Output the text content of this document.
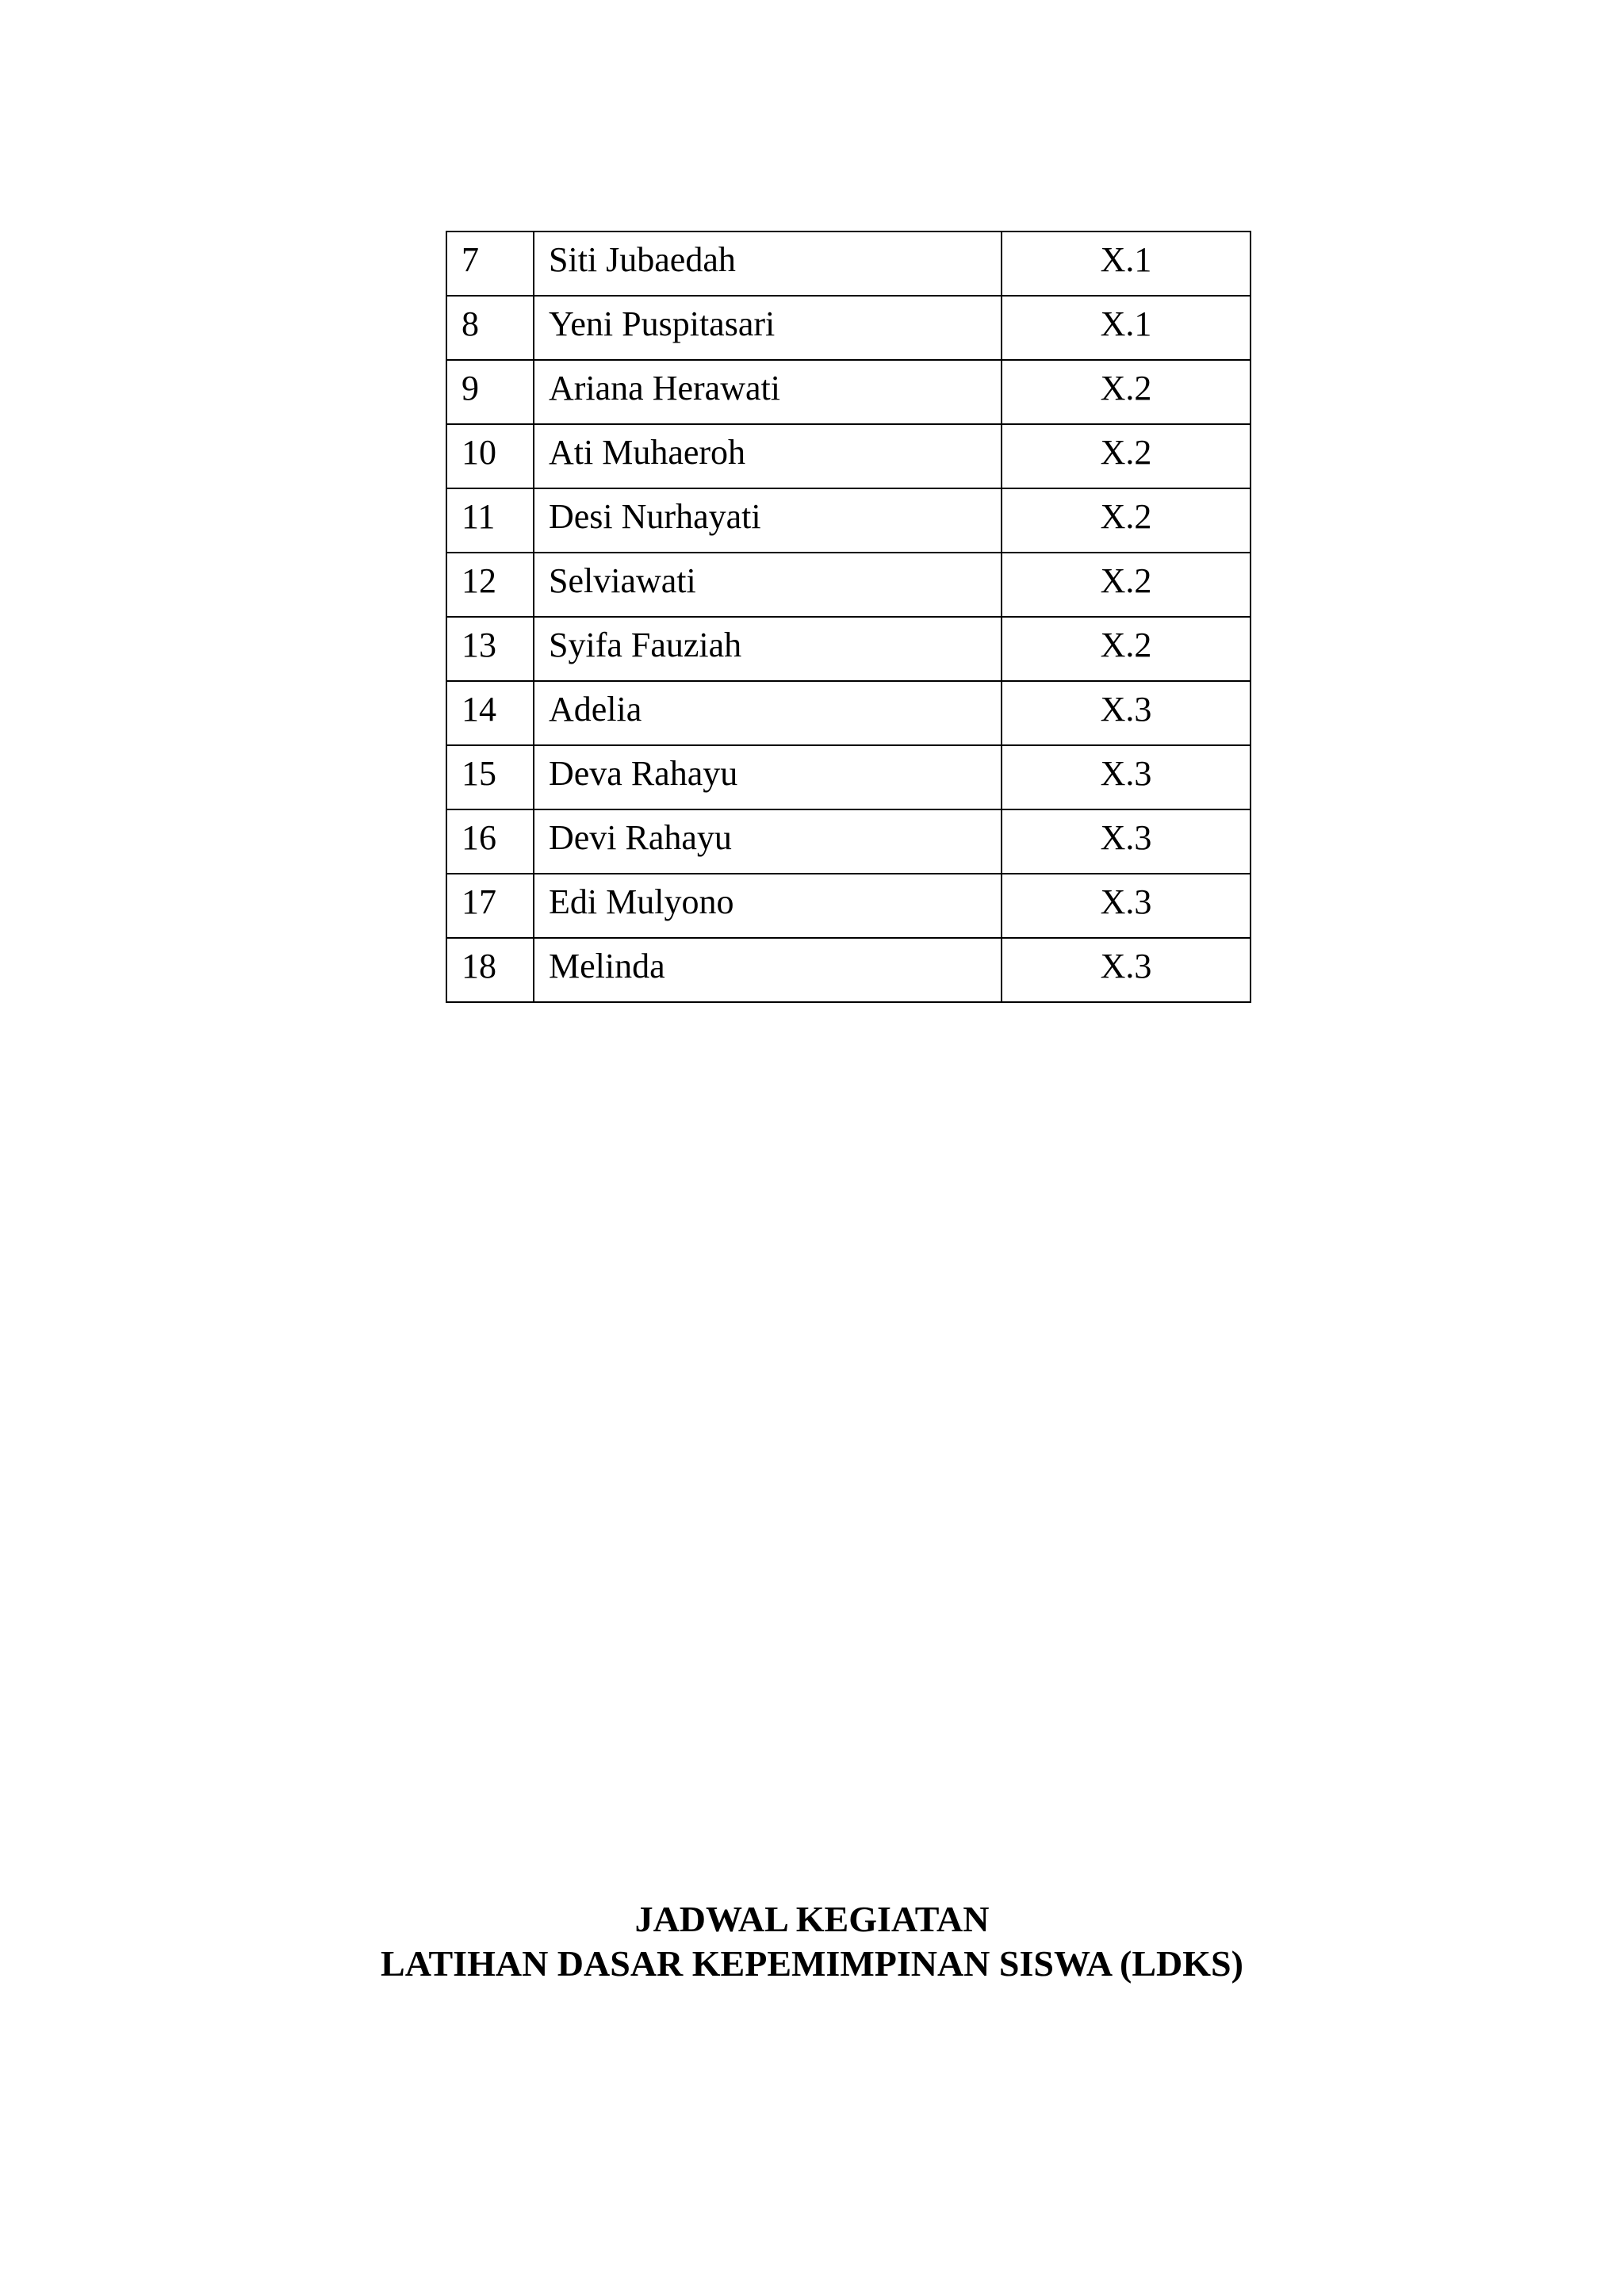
7	Siti Jubaedah	X.1
8	Yeni Puspitasari	X.1
9	Ariana Herawati	X.2
10	Ati Muhaeroh	X.2
11	Desi Nurhayati	X.2
12	Selviawati	X.2
13	Syifa Fauziah	X.2
14	Adelia	X.3
15	Deva Rahayu	X.3
16	Devi Rahayu	X.3
17	Edi Mulyono	X.3
18	Melinda	X.3
JADWAL KEGIATAN
LATIHAN DASAR KEPEMIMPINAN SISWA (LDKS)
